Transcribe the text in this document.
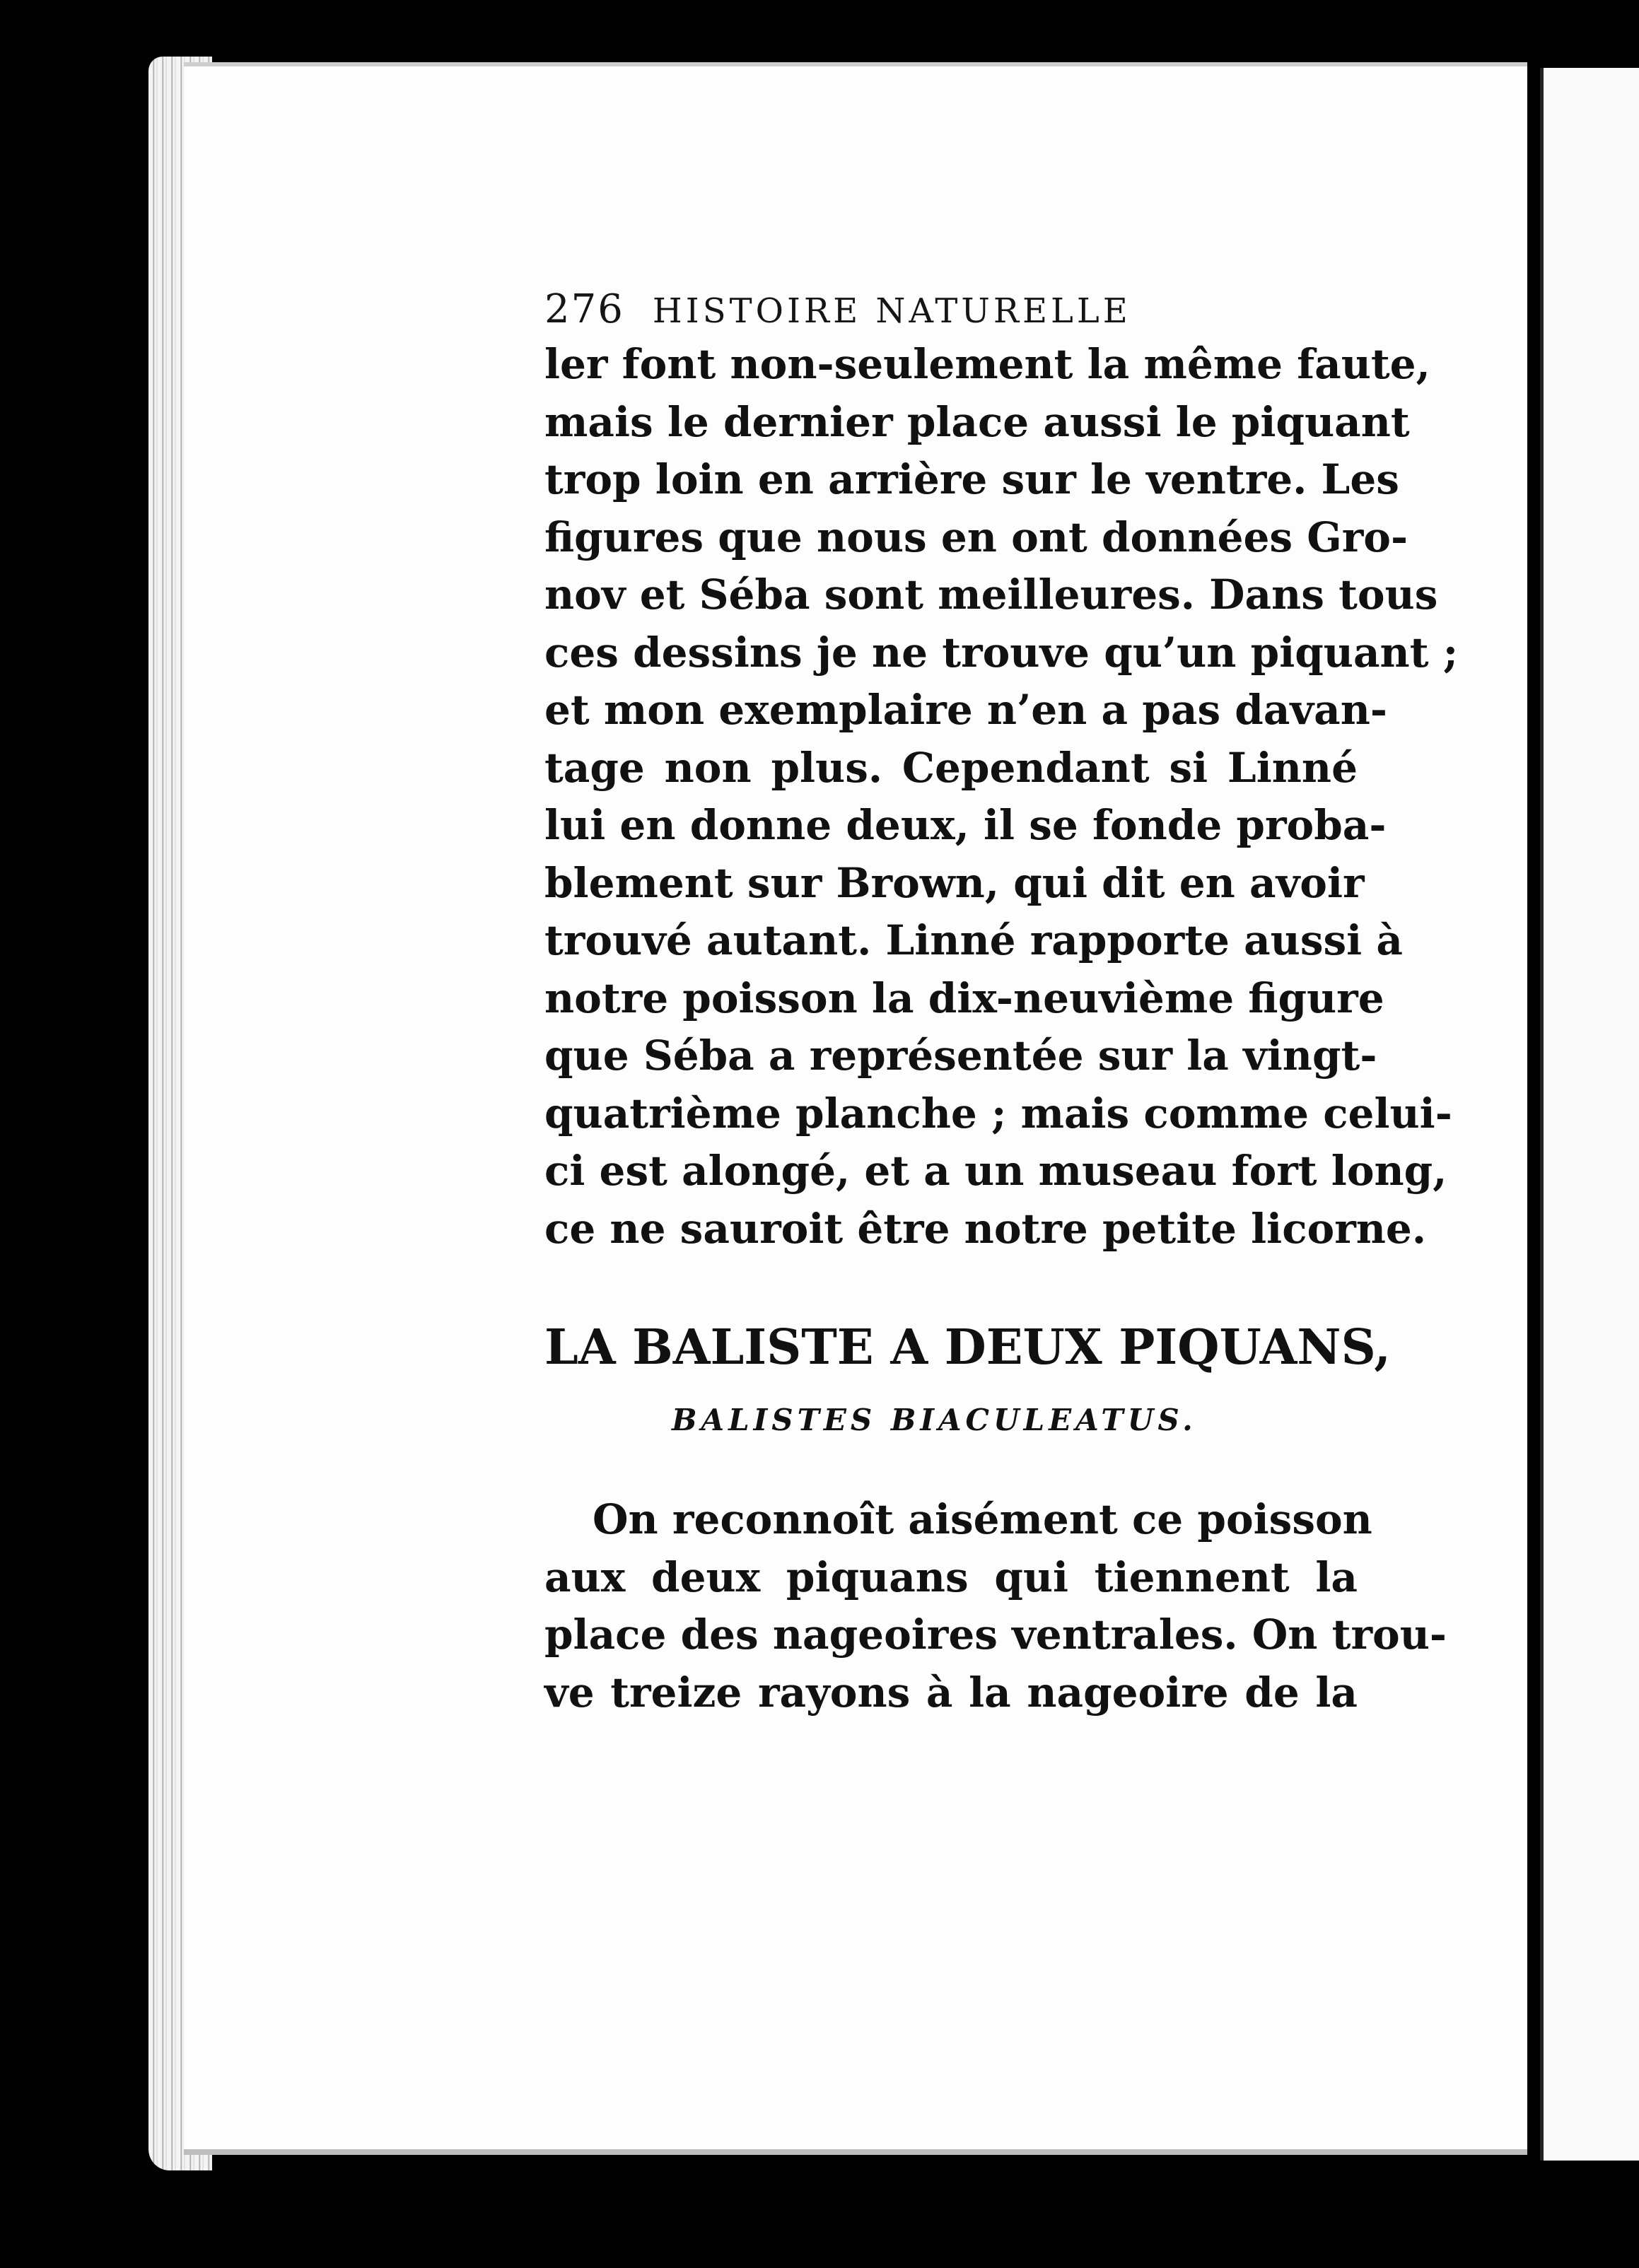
276 HISTOIRE NATURELLE
ler font non-seulement la même faute,
mais le dernier place aussi le piquant
trop loin en arrière sur le ventre. Les
figures que nous en ont données Gro-
nov et Séba sont meilleures. Dans tous
ces dessins je ne trouve qu’un piquant ;
et mon exemplaire n’en a pas davan-
tage non plus. Cependant si Linné
lui en donne deux, il se fonde proba-
blement sur Brown, qui dit en avoir
trouvé autant. Linné rapporte aussi à
notre poisson la dix-neuvième figure
que Séba a représentée sur la vingt-
quatrième planche ; mais comme celui-
ci est alongé, et a un museau fort long,
ce ne sauroit être notre petite licorne.
LA BALISTE A DEUX PIQUANS,
BALISTES BIACULEATUS.
On reconnoît aisément ce poisson
aux deux piquans qui tiennent la
place des nageoires ventrales. On trou-
ve treize rayons à la nageoire de la
